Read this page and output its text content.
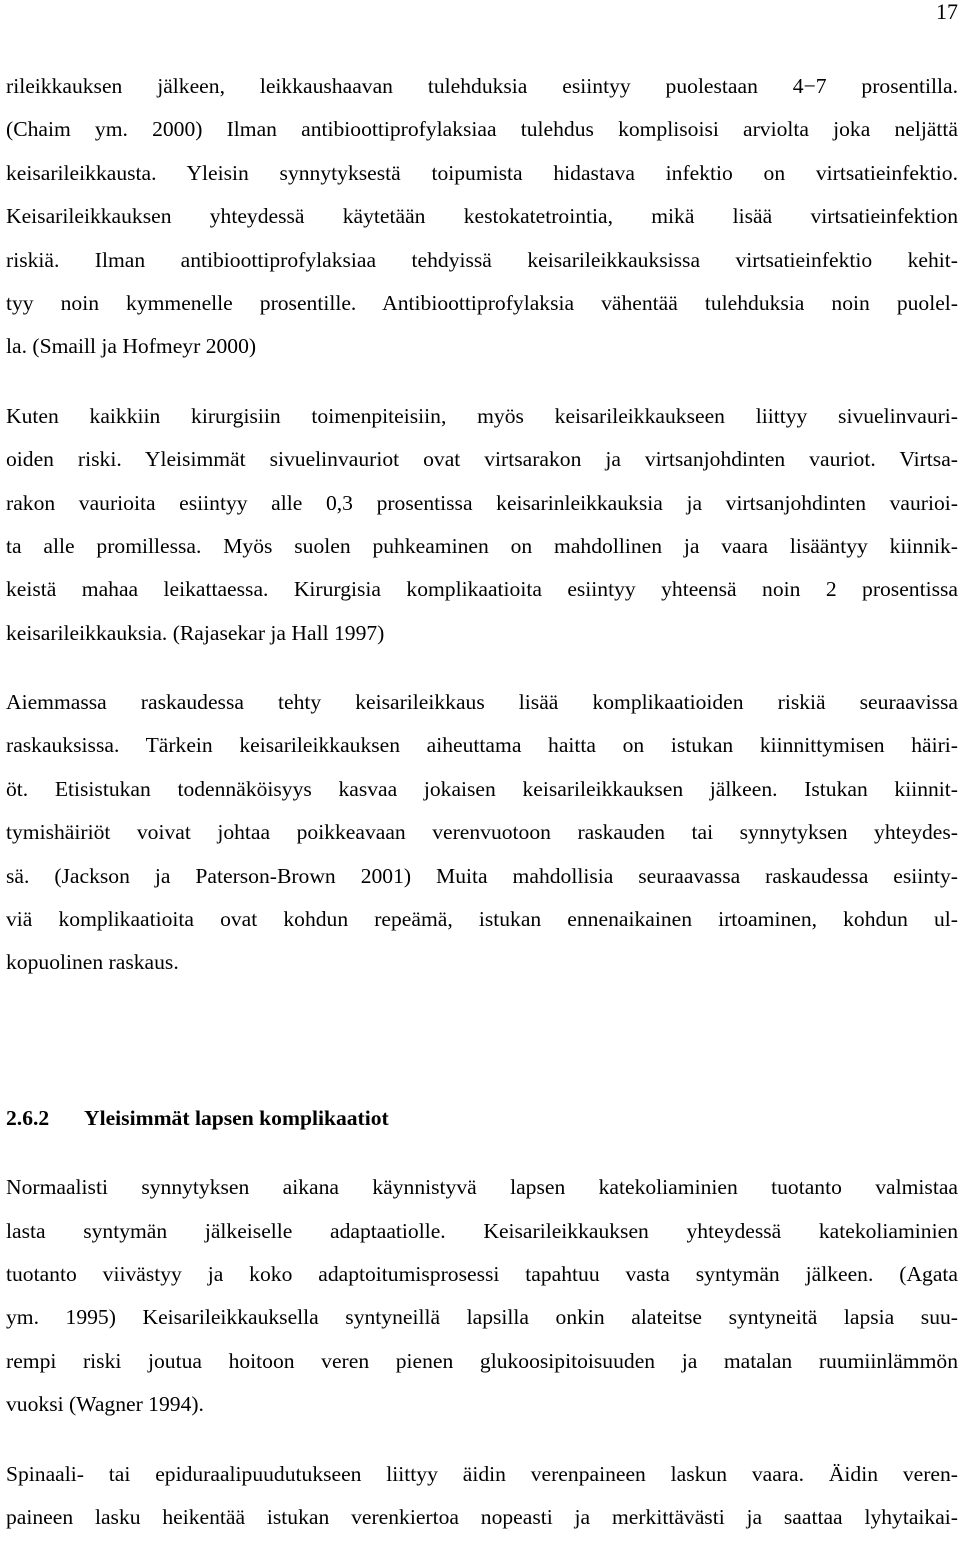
17
rileikkauksen jälkeen, leikkaushaavan tulehduksia esiintyy puolestaan 4−7 prosentilla.
(Chaim ym. 2000) Ilman antibioottiprofylaksiaa tulehdus komplisoisi arviolta joka neljättä
keisarileikkausta. Yleisin synnytyksestä toipumista hidastava infektio on virtsatieinfektio.
Keisarileikkauksen yhteydessä käytetään kestokatetrointia, mikä lisää virtsatieinfektion
riskiä. Ilman antibioottiprofylaksiaa tehdyissä keisarileikkauksissa virtsatieinfektio kehit-
tyy noin kymmenelle prosentille. Antibioottiprofylaksia vähentää tulehduksia noin puolel-
la. (Smaill ja Hofmeyr 2000)
Kuten kaikkiin kirurgisiin toimenpiteisiin, myös keisarileikkaukseen liittyy sivuelinvauri-
oiden riski. Yleisimmät sivuelinvauriot ovat virtsarakon ja virtsanjohdinten vauriot. Virtsa-
rakon vaurioita esiintyy alle 0,3 prosentissa keisarinleikkauksia ja virtsanjohdinten vaurioi-
ta alle promillessa. Myös suolen puhkeaminen on mahdollinen ja vaara lisääntyy kiinnik-
keistä mahaa leikattaessa. Kirurgisia komplikaatioita esiintyy yhteensä noin 2 prosentissa
keisarileikkauksia. (Rajasekar ja Hall 1997)
Aiemmassa raskaudessa tehty keisarileikkaus lisää komplikaatioiden riskiä seuraavissa
raskauksissa. Tärkein keisarileikkauksen aiheuttama haitta on istukan kiinnittymisen häiri-
öt. Etisistukan todennäköisyys kasvaa jokaisen keisarileikkauksen jälkeen. Istukan kiinnit-
tymishäiriöt voivat johtaa poikkeavaan verenvuotoon raskauden tai synnytyksen yhteydes-
sä. (Jackson ja Paterson-Brown 2001) Muita mahdollisia seuraavassa raskaudessa esiinty-
viä komplikaatioita ovat kohdun repeämä, istukan ennenaikainen irtoaminen, kohdun ul-
kopuolinen raskaus.
2.6.2 Yleisimmät lapsen komplikaatiot
Normaalisti synnytyksen aikana käynnistyvä lapsen katekoliaminien tuotanto valmistaa
lasta syntymän jälkeiselle adaptaatiolle. Keisarileikkauksen yhteydessä katekoliaminien
tuotanto viivästyy ja koko adaptoitumisprosessi tapahtuu vasta syntymän jälkeen. (Agata
ym. 1995) Keisarileikkauksella syntyneillä lapsilla onkin alateitse syntyneitä lapsia suu-
rempi riski joutua hoitoon veren pienen glukoosipitoisuuden ja matalan ruumiinlämmön
vuoksi (Wagner 1994).
Spinaali- tai epiduraalipuudutukseen liittyy äidin verenpaineen laskun vaara. Äidin veren-
paineen lasku heikentää istukan verenkiertoa nopeasti ja merkittävästi ja saattaa lyhytaikai-
